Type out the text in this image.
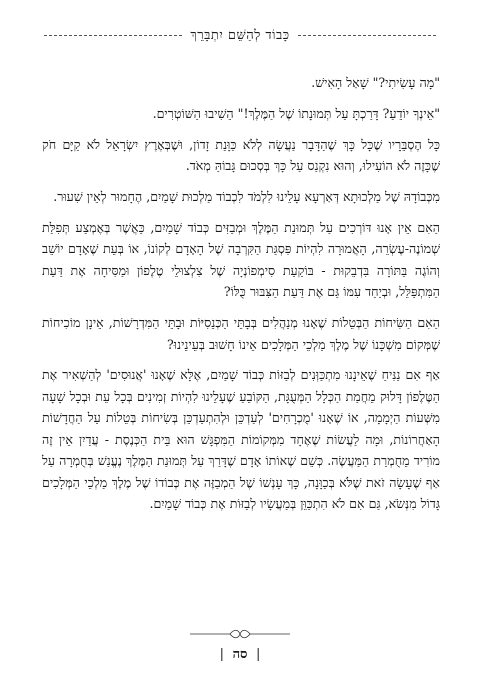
כָּבוֹד לְהַשֵּׁם יִתְבָּרֵךְ

"מָה עָשִׂיתִי?" שָׁאַל הָאִישׁ.

"אֵינְךָ יוֹדֵעַ? דָּרַכְתָּ עַל תְּמוּנָתוֹ שֶׁל הַמֶּלֶךְ!" הֵשִׁיבוּ הַשּׁוֹטְרִים.

כָּל הֶסְבֵּרָיו שֶׁכָּל כָּךְ שֶׁהַדָּבָר נַעֲשָׂה לְלֹא כַּוָּנַת זָדוֹן, וּשֶׁבְּאֶרֶץ יִשְׂרָאֵל לֹא קַיָּם חֹק שֶׁכָּזֶה לֹא הוֹעִילוּ, וְהוּא נִקְנַס עַל כָּךְ בְּסְכוּם גָּבוֹהַּ מְאֹד.

מִכְּבוֹדָהּ שֶׁל מַלְכוּתָא דְּאַרְעָא עָלֵינוּ לִלְמֹד לִכְבוֹד מַלְכוּת שָׁמַיִם, הֶחָמוּר לְאֵין שִׁעוּר.

הַאִם אֵין אָנוּ דּוֹרְכִים עַל תְּמוּנַת הַמֶּלֶךְ וּמְבַזִּים כְּבוֹד שָׁמַיִם, כַּאֲשֶׁר בְּאֶמְצַע תְּפִלַּת שְׁמוֹנֶה-עֶשְׂרֵה, הָאֲמוּרָה לִהְיוֹת פִּסְגַּת הַקִּרְבָה שֶׁל הָאָדָם לְקוֹנוֹ, אוֹ בְּעֵת שֶׁאָדָם יוֹשֵׁב וְהוֹגֶה בַּתּוֹרָה בִּדְבֵקוּת - בּוֹקַעַת סִימְפוֹנְיָה שֶׁל צִלְצוּלֵי טֶלֶפוֹן וּמַסִּיחָה אֶת דַּעַת הַמִּתְפַּלֵּל, וּבְיַחַד עִמּוֹ גַּם אֶת דַּעַת הַצִּבּוּר כֻּלּוֹ?

הַאִם הַשִּׂיחוֹת הַבְּטֵלוֹת שֶׁאָנוּ מְנַהֲלִים בְּבָתֵּי הַכְּנֵסִיּוֹת וּבָתֵּי הַמִּדְרָשׁוֹת, אֵינָן מוֹכִיחוֹת שֶׁמְּקוֹם מִשְׁכָּנוֹ שֶׁל מֶלֶךְ מַלְכֵי הַמְּלָכִים אֵינוֹ חָשׁוּב בְּעֵינֵינוּ?

אַף אִם נַנִּיחַ שֶׁאֵינָנוּ מִתְכַּוְּנִים לְבַזּוֹת כְּבוֹד שָׁמַיִם, אֶלָּא שֶׁאָנוּ 'אֲנוּסִים' לְהַשְׁאִיר אֶת הַטֶּלֶפוֹן דָּלוּק מֵחֲמַת הַכְּלָל הַמְּעֻגָּת, הַקּוֹבֵעַ שֶׁעָלֵינוּ לִהְיוֹת זְמִינִים בְּכָל עֵת וּבְכָל שָׁעָה מִשְּׁעוֹת הַיְמָמָה, אוֹ שֶׁאָנוּ 'מֻכְרָחִים' לְעַדְכֵּן וּלְהִתְעַדְכֵּן בְּשִׂיחוֹת בְּטֵלוֹת עַל הַחֲדָשׁוֹת הָאַחֲרוֹנוֹת, וּמָה לַעֲשׂוֹת שֶׁאֶחָד מִמְּקוֹמוֹת הַמִּפְגָּשׁ הוּא בֵּית הַכְּנֶסֶת - עֲדַיִן אֵין זֶה מוֹרִיד מֵחֻמְרַת הַמַּעֲשֶׂה. כְּשֵׁם שֶׁאוֹתוֹ אָדָם שֶׁדָּרַךְ עַל תְּמוּנַת הַמֶּלֶךְ נֶעֱנַשׁ בְּחֻמְרָה עַל אַף שֶׁעָשָׂה זֹאת שֶׁלֹּא בְּכַוָּנָה, כָּךְ עָנְשׁוֹ שֶׁל הַמְבַזֶּה אֶת כְּבוֹדוֹ שֶׁל מֶלֶךְ מַלְכֵי הַמְּלָכִים גָּדוֹל מִנְּשֹׂא, גַּם אִם לֹא הִתְכַּוֵּן בְּמַעֲשָׂיו לְבַזּוֹת אֶת כְּבוֹד שָׁמַיִם.

| סה |
